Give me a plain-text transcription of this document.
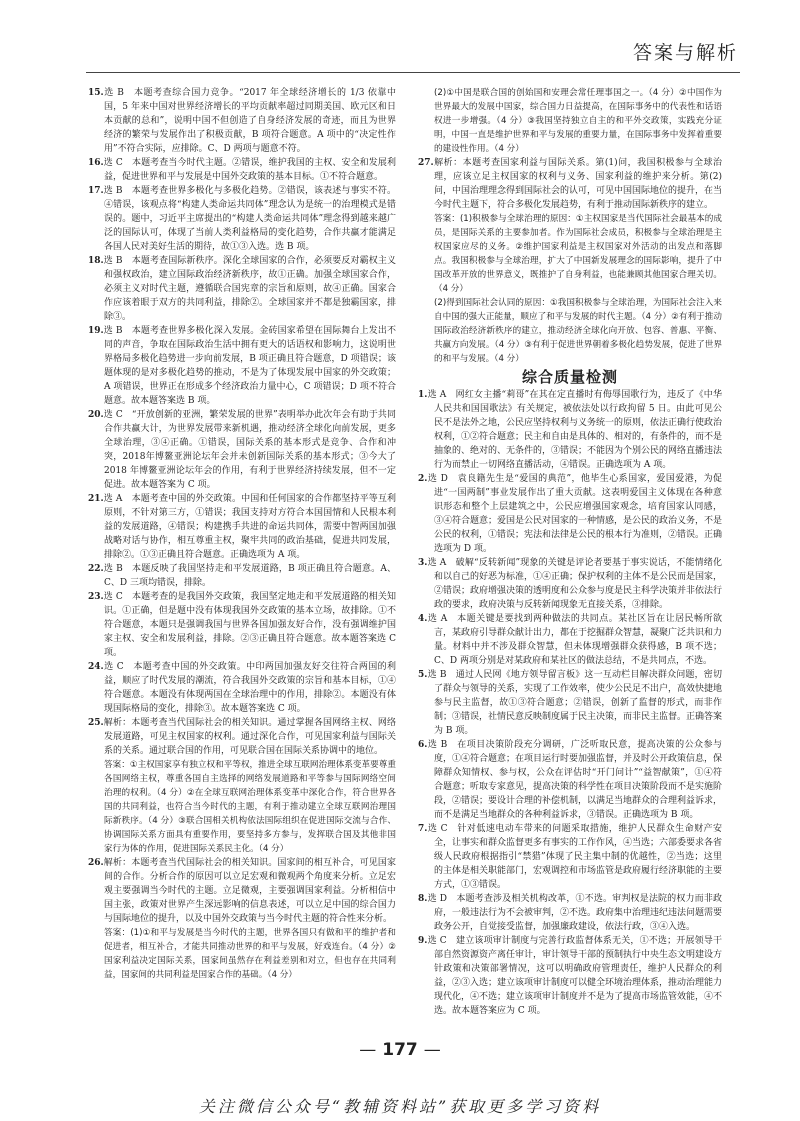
答案与解析

15.选 B　本题考查综合国力竞争。“2017 年全球经济增长的 1/3 依靠中国，5 年来中国对世界经济增长的平均贡献率超过同期美国、欧元区和日本贡献的总和”，说明中国不但创造了自身经济发展的奇迹，而且为世界经济的繁荣与发展作出了积极贡献，B 项符合题意。A 项中的“决定性作用”不符合实际，应排除。C、D 两项与题意不符。

16.选 C　本题考查当今时代主题。②错误，维护我国的主权、安全和发展利益，促进世界和平与发展是中国外交政策的基本目标。①不符合题意。

17.选 B　本题考查世界多极化与多极化趋势。②错误，该表述与事实不符。④错误，该观点将“构建人类命运共同体”理念认为是统一的治理模式是错误的。题中，习近平主席提出的“构建人类命运共同体”理念得到越来越广泛的国际认可，体现了当前人类利益格局的变化趋势，合作共赢才能满足各国人民对美好生活的期待，故①③入选。选 B 项。

18.选 B　本题考查国际新秩序。深化全球国家的合作，必须要反对霸权主义和强权政治，建立国际政治经济新秩序，故①正确。加强全球国家合作，必须主义对时代主题，遵循联合国宪章的宗旨和原则，故④正确。国家合作应该着眼于双方的共同利益，排除②。全球国家并不都是独霸国家，排除③。

19.选 B　本题考查世界多极化深入发展。金砖国家希望在国际舞台上发出不同的声音，争取在国际政治生活中拥有更大的话语权和影响力，这说明世界格局多极化趋势进一步向前发展，B 项正确且符合题意，D 项错误；该题体现的是对多极化趋势的推动，不是为了体现发展中国家的外交政策；A 项错误，世界正在形成多个经济政治力量中心，C 项错误；D 项不符合题意。故本题答案选 B 项。

20.选 C　“开放创新的亚洲，繁荣发展的世界”表明举办此次年会有助于共同合作共赢大计，为世界发展带来新机遇，推动经济全球化向前发展，更多全球治理，③④正确。①错误，国际关系的基本形式是竞争、合作和冲突，2018年博鳌亚洲论坛年会并未创新国际关系的基本形式；③今大了 2018 年博鳌亚洲论坛年会的作用，有利于世界经济持续发展，但不一定促进。故本题答案为 C 项。

21.选 A　本题考查中国的外交政策。中国和任何国家的合作都坚持平等互利原则，不针对第三方，①错误；我国支持对方符合本国国情和人民根本利益的发展道路，④错误；构建携手共进的命运共同体，需要中智两国加强战略对话与协作，相互尊重主权，聚牢共同的政治基础，促进共同发展，排除②。①③正确且符合题意。正确选项为 A 项。

22.选 B　本题反映了我国坚持走和平发展道路，B 项正确且符合题意。A、C、D 三项均错误，排除。

23.选 C　本题考查的是我国外交政策，我国坚定地走和平发展道路的相关知识。①正确，但是题中没有体现我国外交政策的基本立场，故排除。①不符合题意，本题只是强调我国与世界各国加强友好合作，没有强调维护国家主权、安全和发展利益，排除。②③正确且符合题意。故本题答案选 C 项。

24.选 C　本题考查中国的外交政策。中印两国加强友好交往符合两国的利益，顺应了时代发展的潮流，符合我国外交政策的宗旨和基本目标，①④符合题意。本题没有体现两国在全球治理中的作用，排除②。本题没有体现国际格局的变化，排除③。故本题答案选 C 项。

25.解析：本题考查当代国际社会的相关知识。通过掌握各国网络主权、网络发展道路，可见主权国家的权利。通过深化合作，可见国家利益与国际关系的关系。通过联合国的作用，可见联合国在国际关系协调中的地位。

答案：①主权国家享有独立权和平等权，推进全球互联网治理体系变革要尊重各国网络主权，尊重各国自主选择的网络发展道路和平等参与国际网络空间治理的权利。（4 分）②在全球互联网治理体系变革中深化合作，符合世界各国的共同利益，也符合当今时代的主题，有利于推动建立全球互联网治理国际新秩序。（4 分）③联合国相关机构依法国际组织在促进国际交流与合作、协调国际关系方面具有重要作用，要坚持多方参与，发挥联合国及其他非国家行为体的作用，促进国际关系民主化。（4 分）

26.解析：本题考查当代国际社会的相关知识。国家间的相互补合，可见国家间的合作。分析合作的原因可以立足宏观和微观两个角度来分析。立足宏观主要强调当今时代的主题。立足微观，主要强调国家利益。分析相信中国主张，政策对世界产生深远影响的信息表述，可以立足中国的综合国力与国际地位的提升，以及中国外交政策与当今时代主题的符合性来分析。

答案：(1)①和平与发展是当今时代的主题，世界各国只有做和平的维护者和促进者，相互补合，才能共同推动世界的和平与发展，好戏连台。（4 分）②国家利益决定国际关系，国家间虽然存在利益差别和对立，但也存在共同利益，国家间的共同利益是国家合作的基础。（4 分）

(2)①中国是联合国的创始国和安理会常任理事国之一。（4 分）②中国作为世界最大的发展中国家，综合国力日益提高，在国际事务中的代表性和话语权进一步增强。（4 分）③我国坚持独立自主的和平外交政策，实践充分证明，中国一直是维护世界和平与发展的重要力量，在国际事务中发挥着重要的建设性作用。（4 分）

27.解析：本题考查国家利益与国际关系。第(1)问，我国积极参与全球治理，应该立足主权国家的权利与义务、国家利益的维护来分析。第(2)问，中国治理理念得到国际社会的认可，可见中国国际地位的提升，在当今时代主题下，符合多极化发展趋势，有利于推动国际新秩序的建立。

答案：(1)积极参与全球治理的原因：①主权国家是当代国际社会最基本的成员，是国际关系的主要参加者。作为国际社会成员，积极参与全球治理是主权国家应尽的义务。②维护国家利益是主权国家对外活动的出发点和落脚点。我国积极参与全球治理，扩大了中国新发展理念的国际影响，提升了中国改革开放的世界意义，既推护了自身利益，也能兼顾其他国家合理关切。（4 分）

(2)得到国际社会认同的原因：①我国积极参与全球治理，为国际社会注入来自中国的强大正能量，顺应了和平与发展的时代主题。（4 分）②有利于推动国际政治经济新秩序的建立，推动经济全球化向开放、包容、普惠、平衡、共赢方向发展。（4 分）③有利于促进世界朝着多极化趋势发展，促进了世界的和平与发展。（4 分）

综合质量检测

1.选 A　网红女主播“莉哥”在其在定直播时有侮辱国歌行为，违反了《中华人民共和国国歌法》有关规定，被依法处以行政拘留 5 日。由此可见公民不是法外之地，公民应坚持权利与义务统一的原则，依法正确行使政治权利，①②符合题意；民主和自由是具体的、相对的，有条件的，而不是抽象的、绝对的、无条件的，③错误；不能因为个别公民的网络直播违法行为而禁止一切网络直播活动，④错误。正确选项为 A 项。

2.选 D　袁良籍先生是“爱国的典范”，他毕生心系国家，爱国爱港，为促进“一国两制”事业发展作出了重大贡献。这表明爱国主义体现在各种意识形态和整个上层建筑之中，公民应增强国家观念，培育国家认同感，③④符合题意；爱国是公民对国家的一种情感，是公民的政治义务，不是公民的权利，①错误；宪法和法律是公民的根本行为准则，②错误。正确选项为 D 项。

3.选 A　破解“反转新闻”现象的关键是评论者要基于事实说话，不能情绪化和以自己的好恶为标准，①④正确；保护权利的主体不是公民而是国家，②错误；政府增强决策的透明度和公众参与度是民主科学决策并非依法行政的要求，政府决策与反转新闻现象无直接关系，③排除。

4.选 A　本题关键是要找到两种做法的共同点。某社区旨在让居民畅所欲言，某政府引导群众献计出力，都在于挖掘群众智慧，凝聚广泛共识和力量。材料中并不涉及群众智慧，但未体现增强群众获得感，B 项不选；C、D 两项分别是对某政府和某社区的做法总结，不是共同点，不选。

5.选 B　通过人民网《地方领导留言板》这一互动栏目解决群众问题，密切了群众与领导的关系，实现了工作效率，使少公民足不出户，高效快捷地参与民主监督，故①③符合题意；②错误，创新了监督的形式，而非作制；③错误，社情民意反映制度属于民主决策，而非民主监督。正确答案为 B 项。

6.选 B　在项目决策阶段充分调研，广泛听取民意，提高决策的公众参与度，①④符合题意；在项目运行时要加强监督，并及时公开政策信息，保障群众知情权、参与权，公众在评估时“开门问计”“益智献策”，①④符合题意；听取专家意见，提高决策的科学性在项目决策阶段而不是实施阶段，②错误；要设计合理的补偿机制，以满足当地群众的合理利益诉求，而不是满足当地群众的各种利益诉求，③错误。正确选项为 B 项。

7.选 C　针对低速电动车带来的问题采取措施，维护人民群众生命财产安全，让事实和群众监督更多有事实的工作作风，④当选；六部委要求各省级人民政府根据指引“禁猎”体现了民主集中制的优越性，②当选；这里的主体是相关职能部门，宏观调控和市场监管是政府履行经济职能的主要方式，①③错误。

8.选 D　本题考查涉及相关机构改革，①不选。审判权是法院的权力而非政府，一般违法行为不会被审判，②不选。政府集中治理违纪违法问题需要政务公开，自觉接受监督，加强廉政建设，依法行政，③④入选。

9.选 C　建立该项审计制度与完善行政监督体系无关，①不选；开展领导干部自然资源资产离任审计，审计领导干部的预制执行中央生态文明建设方针政策和决策部署情况，这可以明确政府管理责任，维护人民群众的利益，②③入选；建立该项审计制度可以健全环境治理体系，推动治理能力现代化，④不选；建立该项审计制度并不是为了提高市场监管效能，④不选。故本题答案应为 C 项。

— 177 —
关注微信公众号“教辅资料站”获取更多学习资料
